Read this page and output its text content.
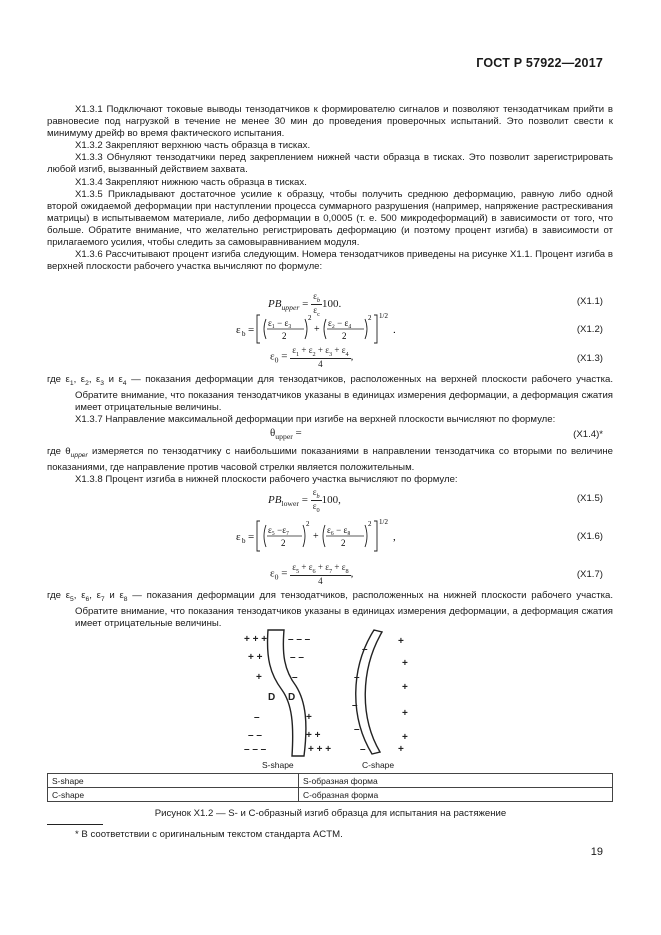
ГОСТ Р 57922—2017

X1.3.1 Подключают токовые выводы тензодатчиков к формирователю сигналов и позволяют тензодатчикам прийти в равновесие под нагрузкой в течение не менее 30 мин до проведения проверочных испытаний. Это позволит свести к минимуму дрейф во время фактического испытания.

X1.3.2 Закрепляют верхнюю часть образца в тисках.

X1.3.3 Обнуляют тензодатчики перед закреплением нижней части образца в тисках. Это позволит зарегистрировать любой изгиб, вызванный действием захвата.

X1.3.4 Закрепляют нижнюю часть образца в тисках.

X1.3.5 Прикладывают достаточное усилие к образцу, чтобы получить среднюю деформацию, равную либо одной второй ожидаемой деформации при наступлении процесса суммарного разрушения (например, напряжение растрескивания матрицы) в испытываемом материале, либо деформации в 0,0005 (т. е. 500 микродеформаций) в зависимости от того, что больше. Обратите внимание, что желательно регистрировать деформацию (и поэтому процент изгиба) в зависимости от прилагаемого усилия, чтобы следить за самовыравниванием модуля.

X1.3.6 Рассчитывают процент изгиба следующим. Номера тензодатчиков приведены на рисунке X1.1. Процент изгиба в верхней плоскости рабочего участка вычисляют по формуле:

$PB_{upper} = \frac{\varepsilon_b}{\varepsilon_c} 100$.	(X1.1)
ε b =
ε₁ − ε₃
2
2
+
ε₂ − ε₄
2
2 1/2
.	(X1.2)
$\varepsilon_0 = \frac{\varepsilon_1 + \varepsilon_2 + \varepsilon_3 + \varepsilon_4}{4}$ ,	(X1.3)

где $\varepsilon_1$, $\varepsilon_2$, $\varepsilon_3$ и $\varepsilon_4$ — показания деформации для тензодатчиков, расположенных на верхней плоскости рабочего участка. Обратите внимание, что показания тензодатчиков указаны в единицах измерения деформации, а деформация сжатия имеет отрицательные величины.

X1.3.7 Направление максимальной деформации при изгибе на верхней плоскости вычисляют по формуле:

$\theta_{upper}$ =	(X1.4)*

где $\theta_{upper}$ измеряется по тензодатчику с наибольшими показаниями в направлении тензодатчика со вторыми по величине показаниями, где направление против часовой стрелки является положительным.

X1.3.8 Процент изгиба в нижней плоскости рабочего участка вычисляют по формуле:

$PB_{lower} = \frac{\varepsilon_b}{\varepsilon_0} 100$,	(X1.5)
ε b =
ε₅ −ε₇
2
2
+
ε₆ − ε₈
2
2 1/2
,	(X1.6)
$\varepsilon_0 = \frac{\varepsilon_5 + \varepsilon_6 + \varepsilon_7 + \varepsilon_8}{4}$ ,	(X1.7)

где $\varepsilon_5$, $\varepsilon_6$, $\varepsilon_7$ и $\varepsilon_8$ — показания деформации для тензодатчиков, расположенных на нижней плоскости рабочего участка. Обратите внимание, что показания тензодатчиков указаны в единицах измерения деформации, а деформация сжатия имеет отрицательные величины.

+ + + – – –
+ +	– –
+	–
D D
–	+
– –	+ +
– – –	+ + +
+
–
+
–
+
–
+
–
+
–	+
S-shape	C-shape
S-shape	S-образная форма
C-shape	С-образная форма
Рисунок X1.2 — S- и С-образный изгиб образца для испытания на растяжение
* В соответствии с оригинальным текстом стандарта ACTM.
19
